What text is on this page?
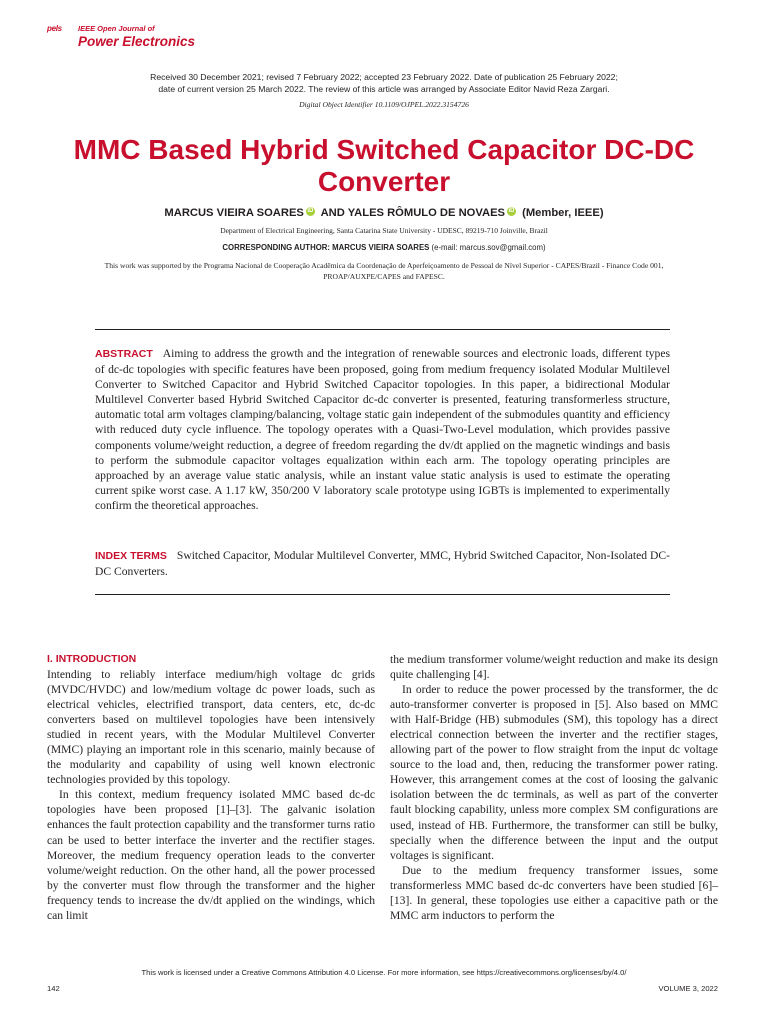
pels IEEE Open Journal of
Power Electronics
Received 30 December 2021; revised 7 February 2022; accepted 23 February 2022. Date of publication 25 February 2022;
date of current version 25 March 2022. The review of this article was arranged by Associate Editor Navid Reza Zargari.
Digital Object Identifier 10.1109/OJPEL.2022.3154726
MMC Based Hybrid Switched Capacitor DC-DC Converter
MARCUS VIEIRA SOARES iD AND YALES RÔMULO DE NOVAES iD (Member, IEEE)
Department of Electrical Engineering, Santa Catarina State University - UDESC, 89219-710 Joinville, Brazil
CORRESPONDING AUTHOR: MARCUS VIEIRA SOARES (e-mail: marcus.sov@gmail.com)
This work was supported by the Programa Nacional de Cooperação Acadêmica da Coordenação de Aperfeiçoamento de Pessoal de Nível Superior - CAPES/Brazil - Finance Code 001, PROAP/AUXPE/CAPES and FAPESC.
ABSTRACT Aiming to address the growth and the integration of renewable sources and electronic loads, different types of dc-dc topologies with specific features have been proposed, going from medium frequency isolated Modular Multilevel Converter to Switched Capacitor and Hybrid Switched Capacitor topologies. In this paper, a bidirectional Modular Multilevel Converter based Hybrid Switched Capacitor dc-dc converter is presented, featuring transformerless structure, automatic total arm voltages clamping/balancing, voltage static gain independent of the submodules quantity and efficiency with reduced duty cycle influence. The topology operates with a Quasi-Two-Level modulation, which provides passive components volume/weight reduction, a degree of freedom regarding the dv/dt applied on the magnetic windings and basis to perform the submodule capacitor voltages equalization within each arm. The topology operating principles are approached by an average value static analysis, while an instant value static analysis is used to estimate the operating current spike worst case. A 1.17 kW, 350/200 V laboratory scale prototype using IGBTs is implemented to experimentally confirm the theoretical approaches.
INDEX TERMS Switched Capacitor, Modular Multilevel Converter, MMC, Hybrid Switched Capacitor, Non-Isolated DC-DC Converters.
I. INTRODUCTION

Intending to reliably interface medium/high voltage dc grids (MVDC/HVDC) and low/medium voltage dc power loads, such as electrical vehicles, electrified transport, data centers, etc, dc-dc converters based on multilevel topologies have been intensively studied in recent years, with the Modular Multilevel Converter (MMC) playing an important role in this scenario, mainly because of the modularity and capability of using well known electronic technologies provided by this topology.

In this context, medium frequency isolated MMC based dc-dc topologies have been proposed [1]–[3]. The galvanic isolation enhances the fault protection capability and the transformer turns ratio can be used to better interface the inverter and the rectifier stages. Moreover, the medium frequency operation leads to the converter volume/weight reduction. On the other hand, all the power processed by the converter must flow through the transformer and the higher frequency tends to increase the dv/dt applied on the windings, which can limit

the medium transformer volume/weight reduction and make its design quite challenging [4].

In order to reduce the power processed by the transformer, the dc auto-transformer converter is proposed in [5]. Also based on MMC with Half-Bridge (HB) submodules (SM), this topology has a direct electrical connection between the inverter and the rectifier stages, allowing part of the power to flow straight from the input dc voltage source to the load and, then, reducing the transformer power rating. However, this arrangement comes at the cost of loosing the galvanic isolation between the dc terminals, as well as part of the converter fault blocking capability, unless more complex SM configurations are used, instead of HB. Furthermore, the transformer can still be bulky, specially when the difference between the input and the output voltages is significant.

Due to the medium frequency transformer issues, some transformerless MMC based dc-dc converters have been studied [6]–[13]. In general, these topologies use either a capacitive path or the MMC arm inductors to perform the

This work is licensed under a Creative Commons Attribution 4.0 License. For more information, see https://creativecommons.org/licenses/by/4.0/
142	VOLUME 3, 2022
